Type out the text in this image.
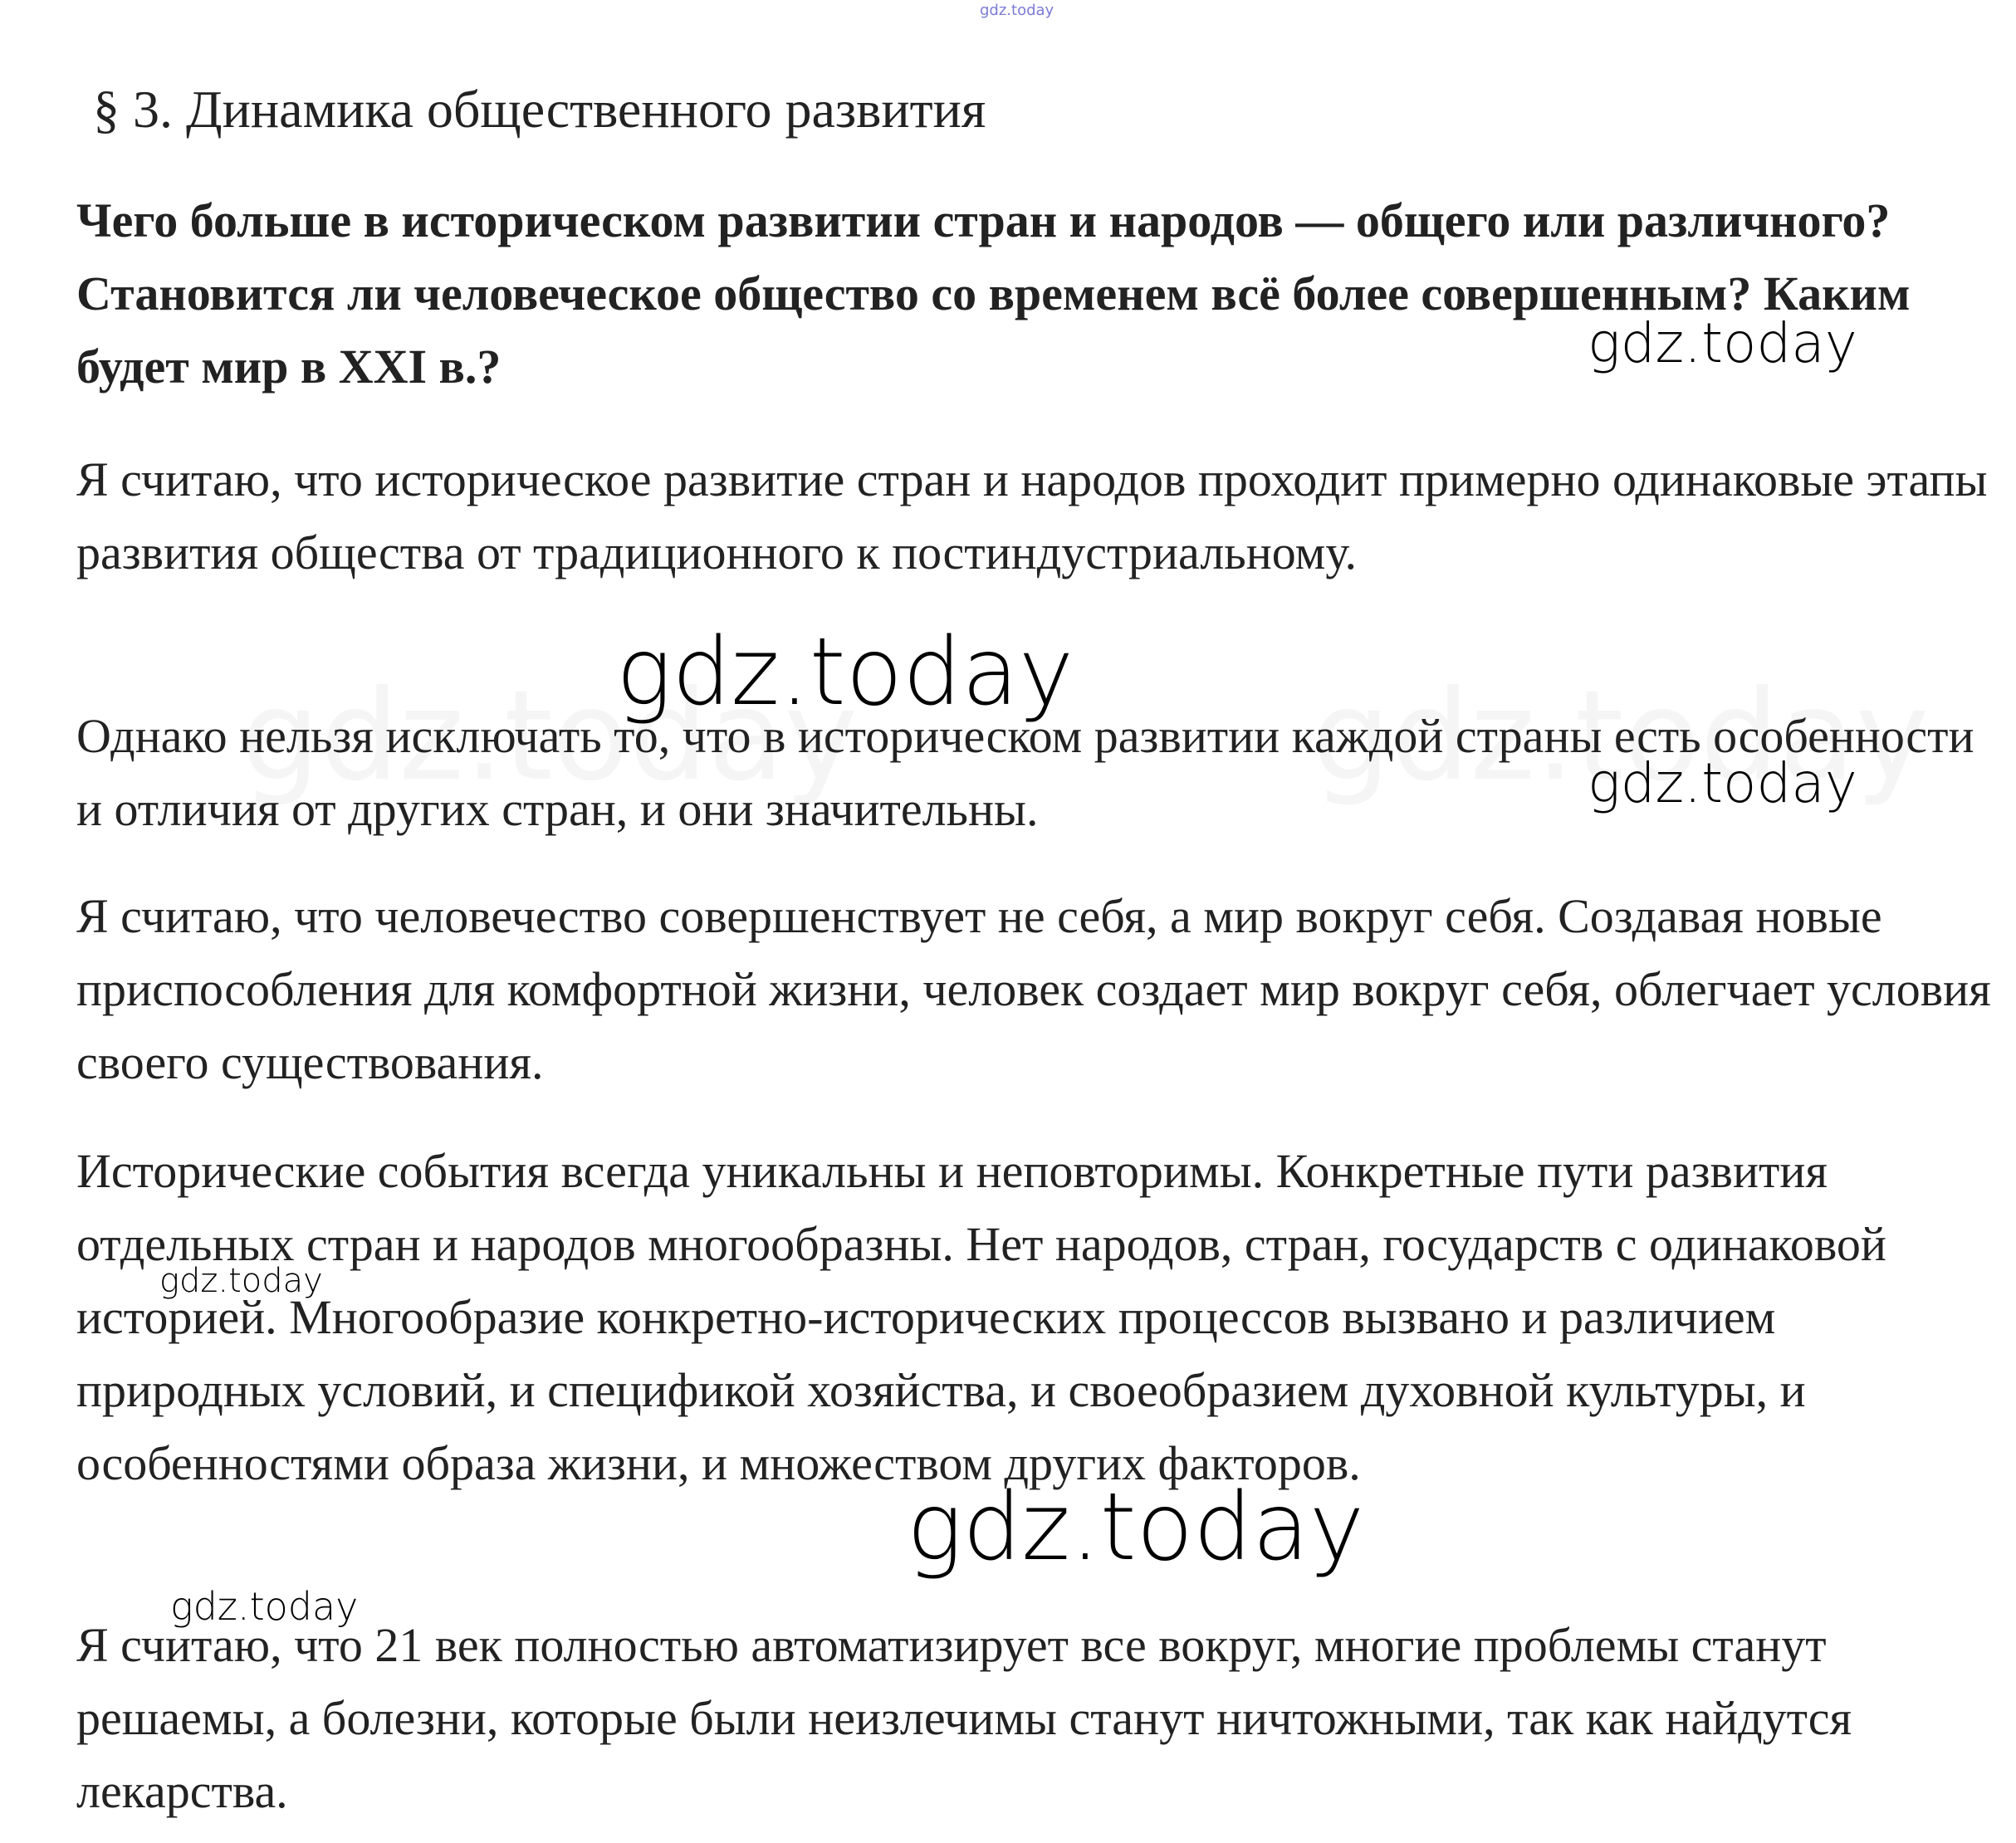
gdz.today
§ 3. Динамика общественного развития

Чего больше в историческом развитии стран и народов — общего или различного? Становится ли человеческое общество со временем всё более совершенным? Каким будет мир в XXI в.?

Я считаю, что историческое развитие стран и народов проходит примерно одинаковые этапы развития общества от традиционного к постиндустриальному.

Однако нельзя исключать то, что в историческом развитии каждой страны есть особенности и отличия от других стран, и они значительны.

Я считаю, что человечество совершенствует не себя, а мир вокруг себя. Создавая новые приспособления для комфортной жизни, человек создает мир вокруг себя, облегчает условия своего существования.

Исторические события всегда уникальны и неповторимы. Конкретные пути развития отдельных стран и народов многообразны. Нет народов, стран, государств с одинаковой историей. Многообразие конкретно-исторических процессов вызвано и различием природных условий, и спецификой хозяйства, и своеобразием духовной культуры, и особенностями образа жизни, и множеством других факторов.

Я считаю, что 21 век полностью автоматизирует все вокруг, многие проблемы станут решаемы, а болезни, которые были неизлечимы станут ничтожными, так как найдутся лекарства.

gdz.today
gdz.today
gdz.today
gdz.today
gdz.today
gdz.today
